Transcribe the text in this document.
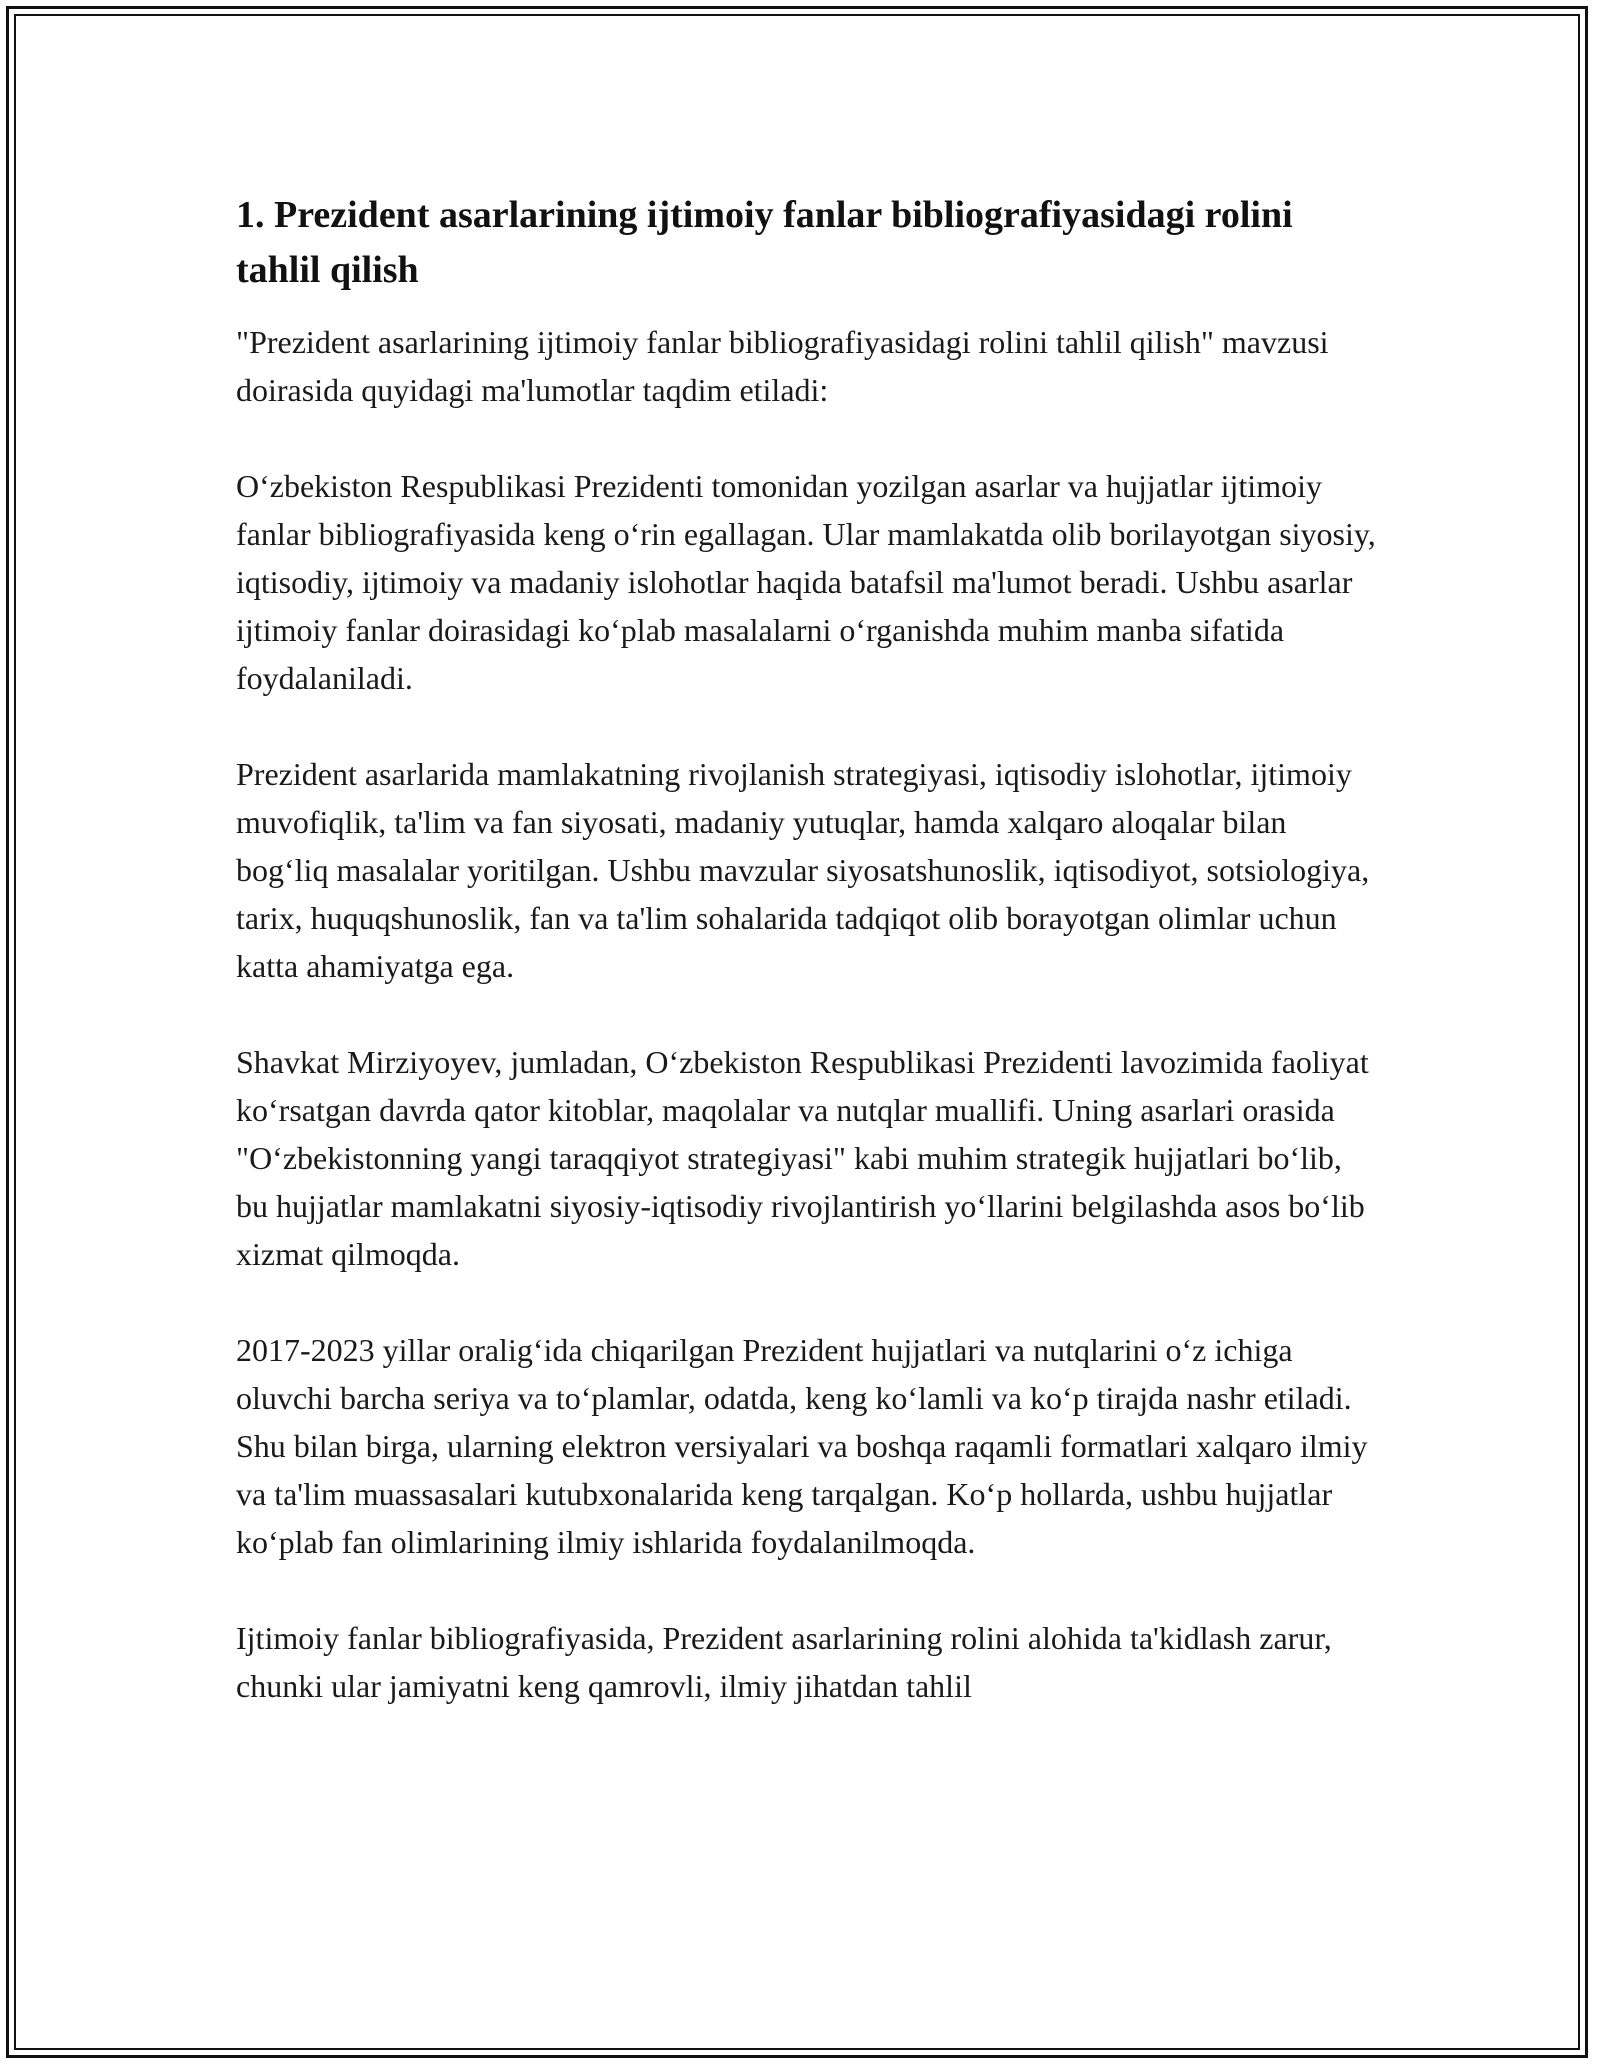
1. Prezident asarlarining ijtimoiy fanlar bibliografiyasidagi rolini tahlil qilish

"Prezident asarlarining ijtimoiy fanlar bibliografiyasidagi rolini tahlil qilish" mavzusi doirasida quyidagi ma'lumotlar taqdim etiladi:

O‘zbekiston Respublikasi Prezidenti tomonidan yozilgan asarlar va hujjatlar ijtimoiy fanlar bibliografiyasida keng o‘rin egallagan. Ular mamlakatda olib borilayotgan siyosiy, iqtisodiy, ijtimoiy va madaniy islohotlar haqida batafsil ma'lumot beradi. Ushbu asarlar ijtimoiy fanlar doirasidagi ko‘plab masalalarni o‘rganishda muhim manba sifatida foydalaniladi.

Prezident asarlarida mamlakatning rivojlanish strategiyasi, iqtisodiy islohotlar, ijtimoiy muvofiqlik, ta'lim va fan siyosati, madaniy yutuqlar, hamda xalqaro aloqalar bilan bog‘liq masalalar yoritilgan. Ushbu mavzular siyosatshunoslik, iqtisodiyot, sotsiologiya, tarix, huquqshunoslik, fan va ta'lim sohalarida tadqiqot olib borayotgan olimlar uchun katta ahamiyatga ega.

Shavkat Mirziyoyev, jumladan, O‘zbekiston Respublikasi Prezidenti lavozimida faoliyat ko‘rsatgan davrda qator kitoblar, maqolalar va nutqlar muallifi. Uning asarlari orasida "O‘zbekistonning yangi taraqqiyot strategiyasi" kabi muhim strategik hujjatlari bo‘lib, bu hujjatlar mamlakatni siyosiy-iqtisodiy rivojlantirish yo‘llarini belgilashda asos bo‘lib xizmat qilmoqda.

2017-2023 yillar oralig‘ida chiqarilgan Prezident hujjatlari va nutqlarini o‘z ichiga oluvchi barcha seriya va to‘plamlar, odatda, keng ko‘lamli va ko‘p tirajda nashr etiladi. Shu bilan birga, ularning elektron versiyalari va boshqa raqamli formatlari xalqaro ilmiy va ta'lim muassasalari kutubxonalarida keng tarqalgan. Ko‘p hollarda, ushbu hujjatlar ko‘plab fan olimlarining ilmiy ishlarida foydalanilmoqda.

Ijtimoiy fanlar bibliografiyasida, Prezident asarlarining rolini alohida ta'kidlash zarur, chunki ular jamiyatni keng qamrovli, ilmiy jihatdan tahlil
